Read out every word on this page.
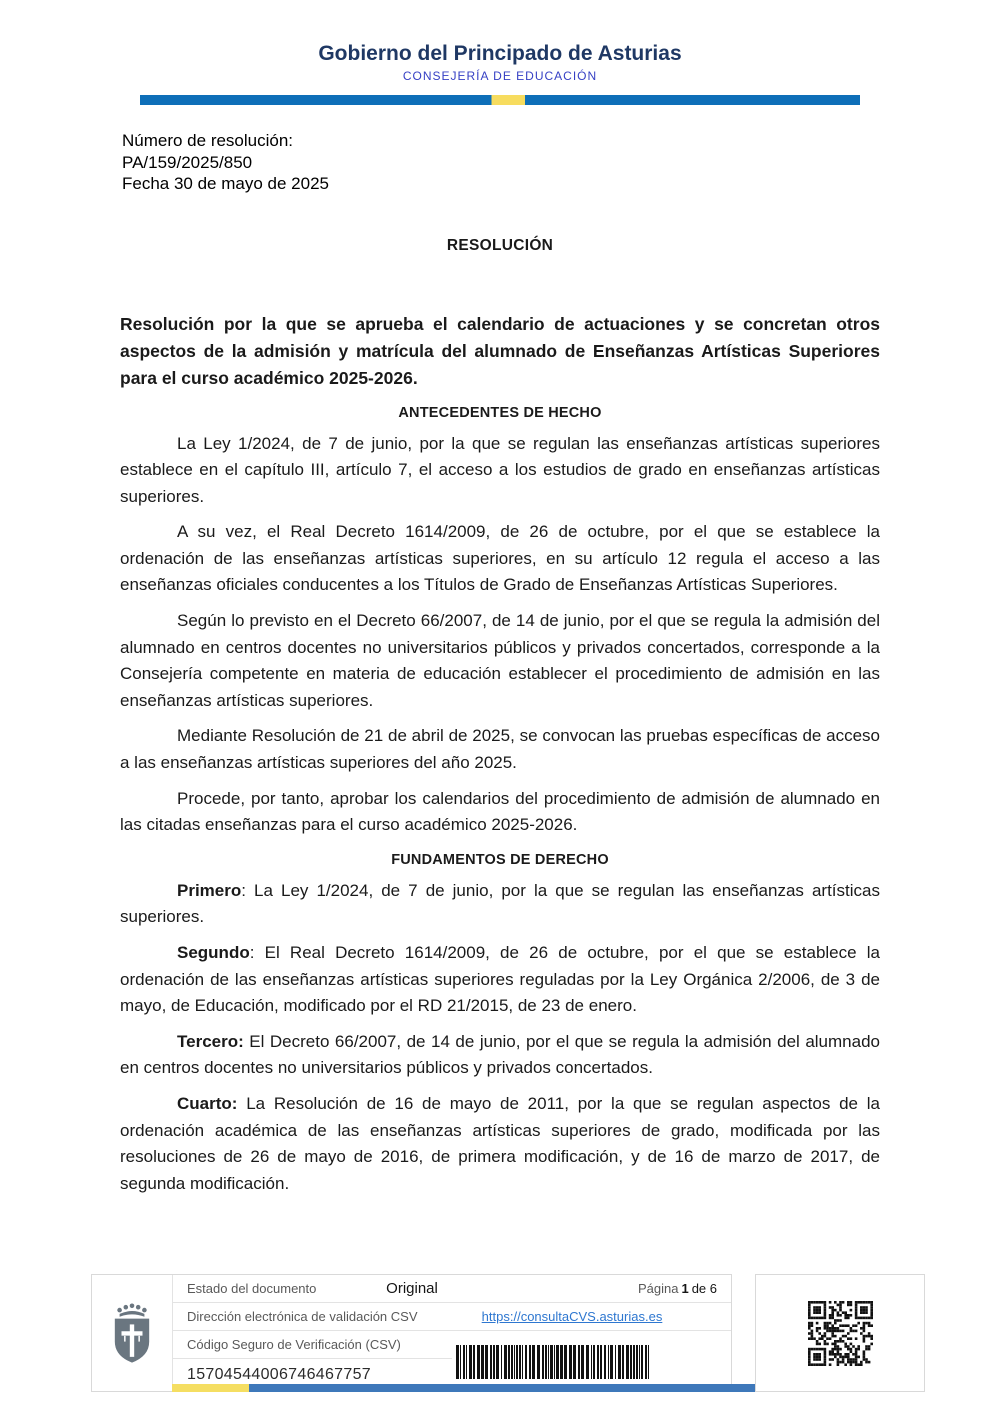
Gobierno del Principado de Asturias
CONSEJERÍA DE EDUCACIÓN
Número de resolución:
PA/159/2025/850
Fecha 30 de mayo de 2025
RESOLUCIÓN

Resolución por la que se aprueba el calendario de actuaciones y se concretan otros aspectos de la admisión y matrícula del alumnado de Enseñanzas Artísticas Superiores para el curso académico 2025-2026.

ANTECEDENTES DE HECHO

La Ley 1/2024, de 7 de junio, por la que se regulan las enseñanzas artísticas superiores establece en el capítulo III, artículo 7, el acceso a los estudios de grado en enseñanzas artísticas superiores.

A su vez, el Real Decreto 1614/2009, de 26 de octubre, por el que se establece la ordenación de las enseñanzas artísticas superiores, en su artículo 12 regula el acceso a las enseñanzas oficiales conducentes a los Títulos de Grado de Enseñanzas Artísticas Superiores.

Según lo previsto en el Decreto 66/2007, de 14 de junio, por el que se regula la admisión del alumnado en centros docentes no universitarios públicos y privados concertados, corresponde a la Consejería competente en materia de educación establecer el procedimiento de admisión en las enseñanzas artísticas superiores.

Mediante Resolución de 21 de abril de 2025, se convocan las pruebas específicas de acceso a las enseñanzas artísticas superiores del año 2025.

Procede, por tanto, aprobar los calendarios del procedimiento de admisión de alumnado en las citadas enseñanzas para el curso académico 2025-2026.

FUNDAMENTOS DE DERECHO

Primero: La Ley 1/2024, de 7 de junio, por la que se regulan las enseñanzas artísticas superiores.

Segundo: El Real Decreto 1614/2009, de 26 de octubre, por el que se establece la ordenación de las enseñanzas artísticas superiores reguladas por la Ley Orgánica 2/2006, de 3 de mayo, de Educación, modificado por el RD 21/2015, de 23 de enero.

Tercero: El Decreto 66/2007, de 14 de junio, por el que se regula la admisión del alumnado en centros docentes no universitarios públicos y privados concertados.

Cuarto: La Resolución de 16 de mayo de 2011, por la que se regulan aspectos de la ordenación académica de las enseñanzas artísticas superiores de grado, modificada por las resoluciones de 26 de mayo de 2016, de primera modificación, y de 16 de marzo de 2017, de segunda modificación.

Estado del documento	Original	Página 1 de 6
Dirección electrónica de validación CSV	https://consultaCVS.asturias.es
Código Seguro de Verificación (CSV)
15704544006746467757
